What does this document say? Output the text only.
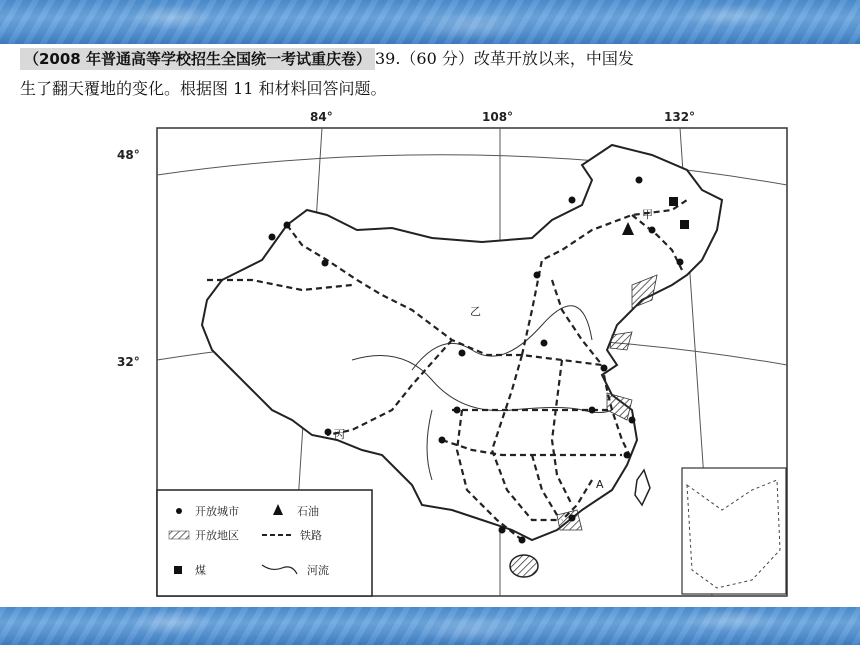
（2008 年普通高等学校招生全国统一考试重庆卷） 39.（60 分）改革开放以来，中国发
生了翻天覆地的变化。根据图 11 和材料回答问题。
甲
乙
丙
A
开放城市	石油
开放地区	铁路
煤	河流
84°	108°	132°
48°
32°
